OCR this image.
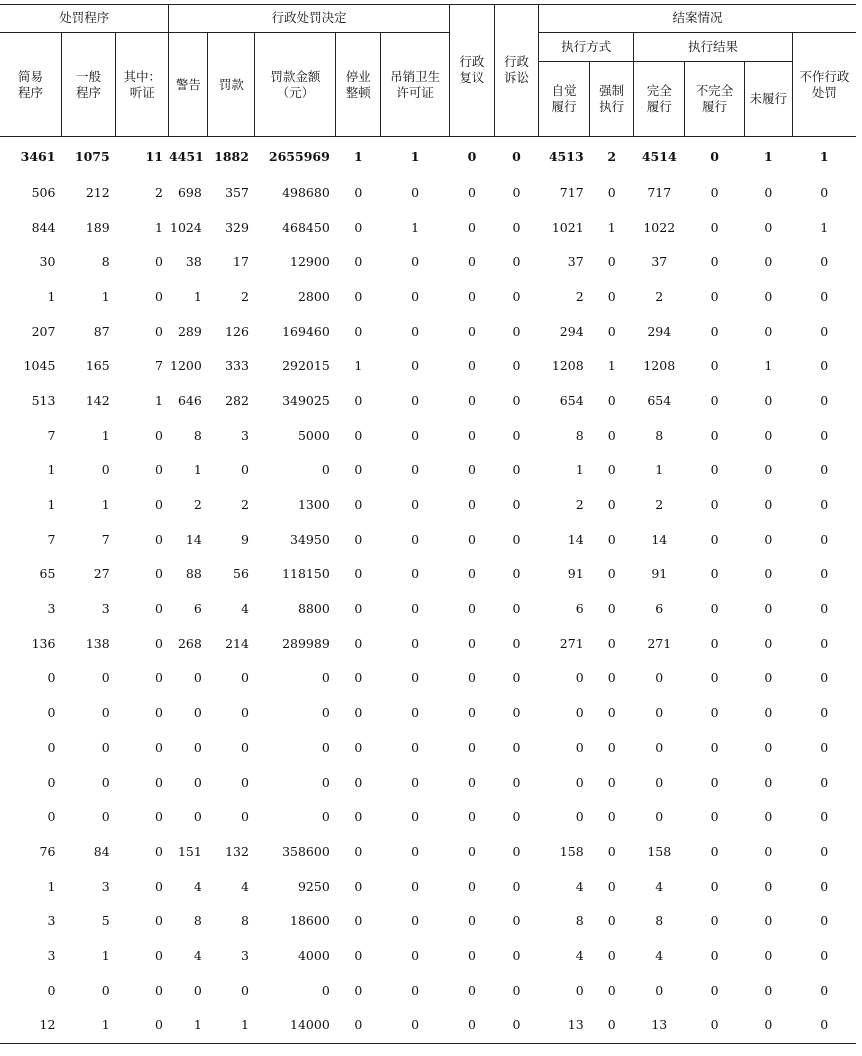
处罚程序			行政处罚决定					行政复议	行政诉讼	结案情况					
简易程序	一般程序	其中：听证	警告	罚款	罚款金额（元）	停业整顿	吊销卫生许可证			执行方式		执行结果			不作行政处罚
										自觉履行	强制执行	完全履行	不完全履行	未履行	
3461	1075	11	4451	1882	2655969	1	1	0	0	4513	2	4514	0	1	1
506	212	2	698	357	498680	0	0	0	0	717	0	717	0	0	0
844	189	1	1024	329	468450	0	1	0	0	1021	1	1022	0	0	1
30	8	0	38	17	12900	0	0	0	0	37	0	37	0	0	0
1	1	0	1	2	2800	0	0	0	0	2	0	2	0	0	0
207	87	0	289	126	169460	0	0	0	0	294	0	294	0	0	0
1045	165	7	1200	333	292015	1	0	0	0	1208	1	1208	0	1	0
513	142	1	646	282	349025	0	0	0	0	654	0	654	0	0	0
7	1	0	8	3	5000	0	0	0	0	8	0	8	0	0	0
1	0	0	1	0	0	0	0	0	0	1	0	1	0	0	0
1	1	0	2	2	1300	0	0	0	0	2	0	2	0	0	0
7	7	0	14	9	34950	0	0	0	0	14	0	14	0	0	0
65	27	0	88	56	118150	0	0	0	0	91	0	91	0	0	0
3	3	0	6	4	8800	0	0	0	0	6	0	6	0	0	0
136	138	0	268	214	289989	0	0	0	0	271	0	271	0	0	0
0	0	0	0	0	0	0	0	0	0	0	0	0	0	0	0
0	0	0	0	0	0	0	0	0	0	0	0	0	0	0	0
0	0	0	0	0	0	0	0	0	0	0	0	0	0	0	0
0	0	0	0	0	0	0	0	0	0	0	0	0	0	0	0
0	0	0	0	0	0	0	0	0	0	0	0	0	0	0	0
76	84	0	151	132	358600	0	0	0	0	158	0	158	0	0	0
1	3	0	4	4	9250	0	0	0	0	4	0	4	0	0	0
3	5	0	8	8	18600	0	0	0	0	8	0	8	0	0	0
3	1	0	4	3	4000	0	0	0	0	4	0	4	0	0	0
0	0	0	0	0	0	0	0	0	0	0	0	0	0	0	0
12	1	0	1	1	14000	0	0	0	0	13	0	13	0	0	0
